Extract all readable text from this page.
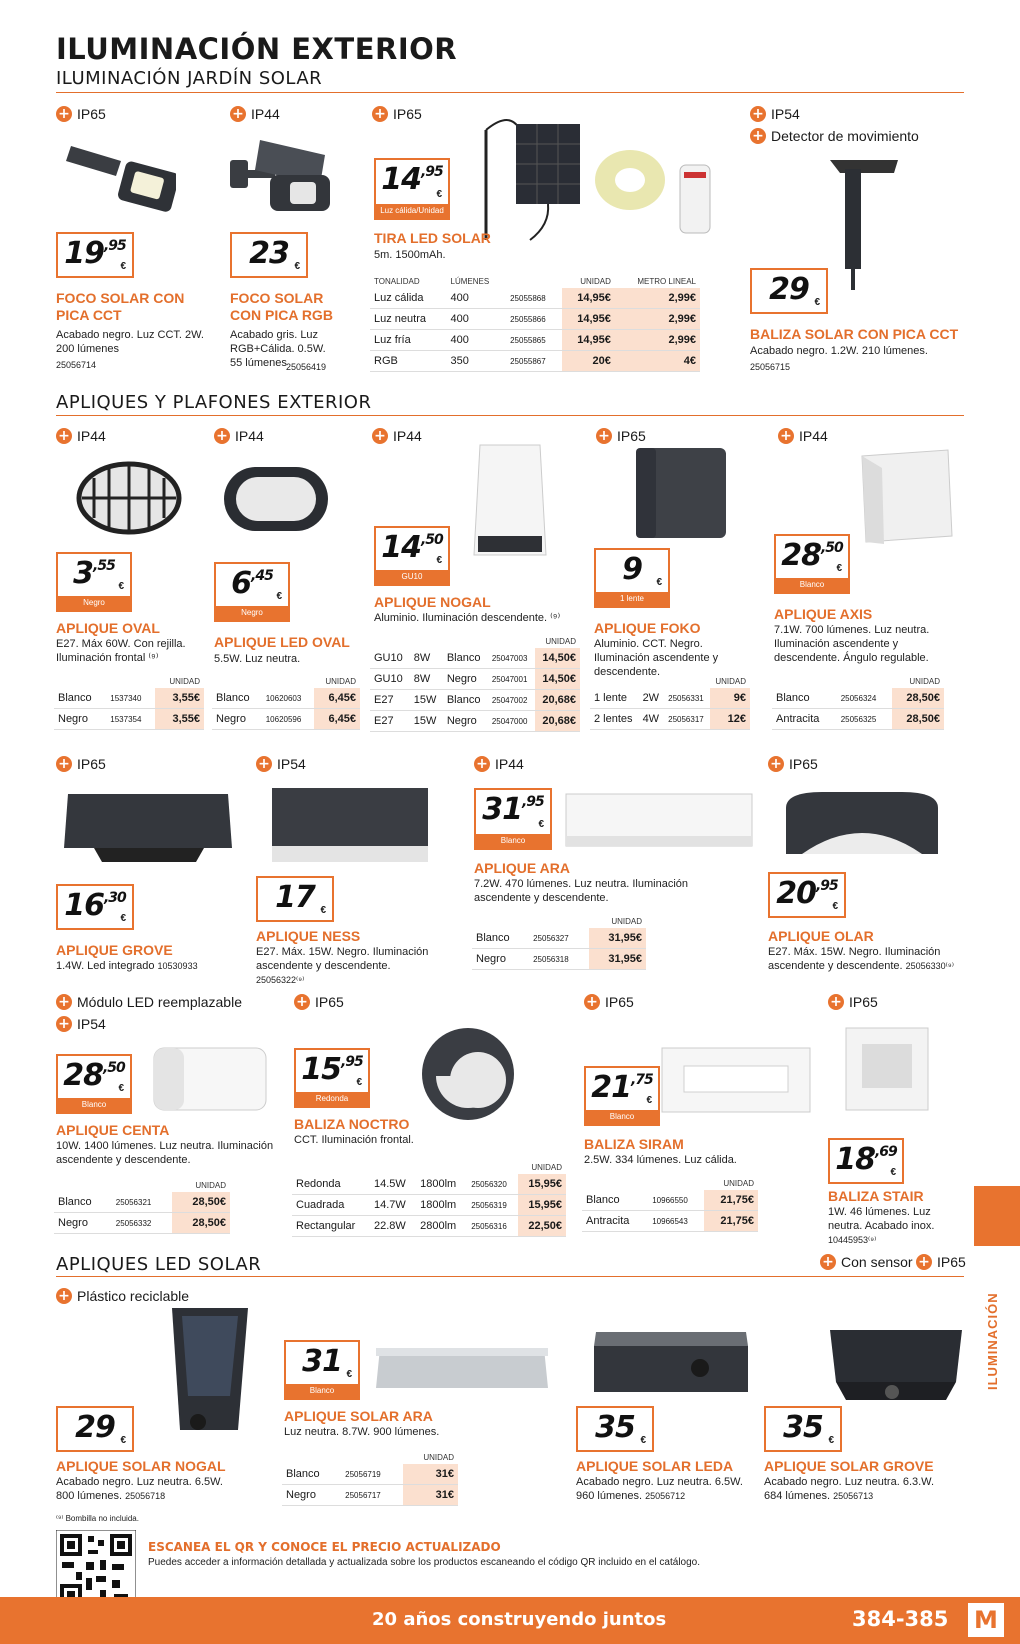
ILUMINACIÓN EXTERIOR
ILUMINACIÓN JARDÍN SOLAR
+ IP65
$19^{,95}$
€
FOCO SOLAR CON PICA CCT
Acabado negro. Luz CCT. 2W. 200 lúmenes
25056714
+ IP44
23 €
FOCO SOLAR CON PICA RGB
Acabado gris. Luz RGB+Cálida. 0.5W. 55 lúmenes 25056419
+ IP65
$14^{,95}$
€
Luz cálida/Unidad
TIRA LED SOLAR
5m. 1500mAh.
TONALIDAD	LÚMENES		UNIDAD	METRO LINEAL
Luz cálida	400	25055868	14,95€	2,99€
Luz neutra	400	25055866	14,95€	2,99€
Luz fría	400	25055865	14,95€	2,99€
RGB	350	25055867	20€	4€
+ IP54
+ Detector de movimiento
29 €
BALIZA SOLAR CON PICA CCT
Acabado negro. 1.2W. 210 lúmenes.
25056715
APLIQUES Y PLAFONES EXTERIOR
+ IP44
$3^{,55}$
€
Negro
APLIQUE OVAL
E27. Máx 60W. Con rejilla. Iluminación frontal ⁽⁹⁾
		UNIDAD
Blanco	1537340	3,55€
Negro	1537354	3,55€
+ IP44
$6^{,45}$
€
Negro
APLIQUE LED OVAL
5.5W. Luz neutra.
		UNIDAD
Blanco	10620603	6,45€
Negro	10620596	6,45€
+ IP44
$14^{,50}$
€
GU10
APLIQUE NOGAL
Aluminio. Iluminación descendente. ⁽⁹⁾
				UNIDAD
GU10	8W	Blanco	25047003	14,50€
GU10	8W	Negro	25047001	14,50€
E27	15W	Blanco	25047002	20,68€
E27	15W	Negro	25047000	20,68€
+ IP65
9	€
1 lente
APLIQUE FOKO
Aluminio. CCT. Negro. Iluminación ascendente y descendente.
			UNIDAD
1 lente	2W	25056331	9€
2 lentes	4W	25056317	12€
+ IP44
$28^{,50}$
€
Blanco
APLIQUE AXIS
7.1W. 700 lúmenes. Luz neutra. Iluminación ascendente y descendente. Ángulo regulable.
		UNIDAD
Blanco	25056324	28,50€
Antracita	25056325	28,50€
+ IP65
$16^{,30}$
€
APLIQUE GROVE
1.4W. Led integrado 10530933
+ IP54
17 €
APLIQUE NESS
E27. Máx. 15W. Negro. Iluminación ascendente y descendente. 25056322⁽⁹⁾
+ IP44
$31^{,95}$
€
Blanco
APLIQUE ARA
7.2W. 470 lúmenes. Luz neutra. Iluminación ascendente y descendente.
		UNIDAD
Blanco	25056327	31,95€
Negro	25056318	31,95€
+ IP65
$20^{,95}$
€
APLIQUE OLAR
E27. Máx. 15W. Negro. Iluminación ascendente y descendente. 25056330⁽⁹⁾
+ Módulo LED reemplazable
+ IP54
$28^{,50}$
€
Blanco
APLIQUE CENTA
10W. 1400 lúmenes. Luz neutra. Iluminación ascendente y descendente.
		UNIDAD
Blanco	25056321	28,50€
Negro	25056332	28,50€
+ IP65
$15^{,95}$
€
Redonda
BALIZA NOCTRO
CCT. Iluminación frontal.
				UNIDAD
Redonda	14.5W	1800lm	25056320	15,95€
Cuadrada	14.7W	1800lm	25056319	15,95€
Rectangular	22.8W	2800lm	25056316	22,50€
+ IP65
$21^{,75}$
€
Blanco
BALIZA SIRAM
2.5W. 334 lúmenes. Luz cálida.
		UNIDAD
Blanco	10966550	21,75€
Antracita	10966543	21,75€
+ IP65
$18^{,69}$
€
BALIZA STAIR
1W. 46 lúmenes. Luz neutra. Acabado inox. 10445953⁽⁹⁾
APLIQUES LED SOLAR	+ Con sensor + IP65
+ Plástico reciclable
29 €
APLIQUE SOLAR NOGAL
Acabado negro. Luz neutra. 6.5W. 800 lúmenes. 25056718
31 €
Blanco
APLIQUE SOLAR ARA
Luz neutra. 8.7W. 900 lúmenes.
		UNIDAD
Blanco	25056719	31€
Negro	25056717	31€
35 €
APLIQUE SOLAR LEDA
Acabado negro. Luz neutra. 6.5W. 960 lúmenes. 25056712
35 €
APLIQUE SOLAR GROVE
Acabado negro. Luz neutra. 6.3.W. 684 lúmenes. 25056713
⁽⁹⁾ Bombilla no incluida.
ESCANEA EL QR Y CONOCE EL PRECIO ACTUALIZADO
Puedes acceder a información detallada y actualizada sobre los productos escaneando el código QR incluido en el catálogo.
ILUMINACIÓN
20 años construyendo juntos	384-385 M
